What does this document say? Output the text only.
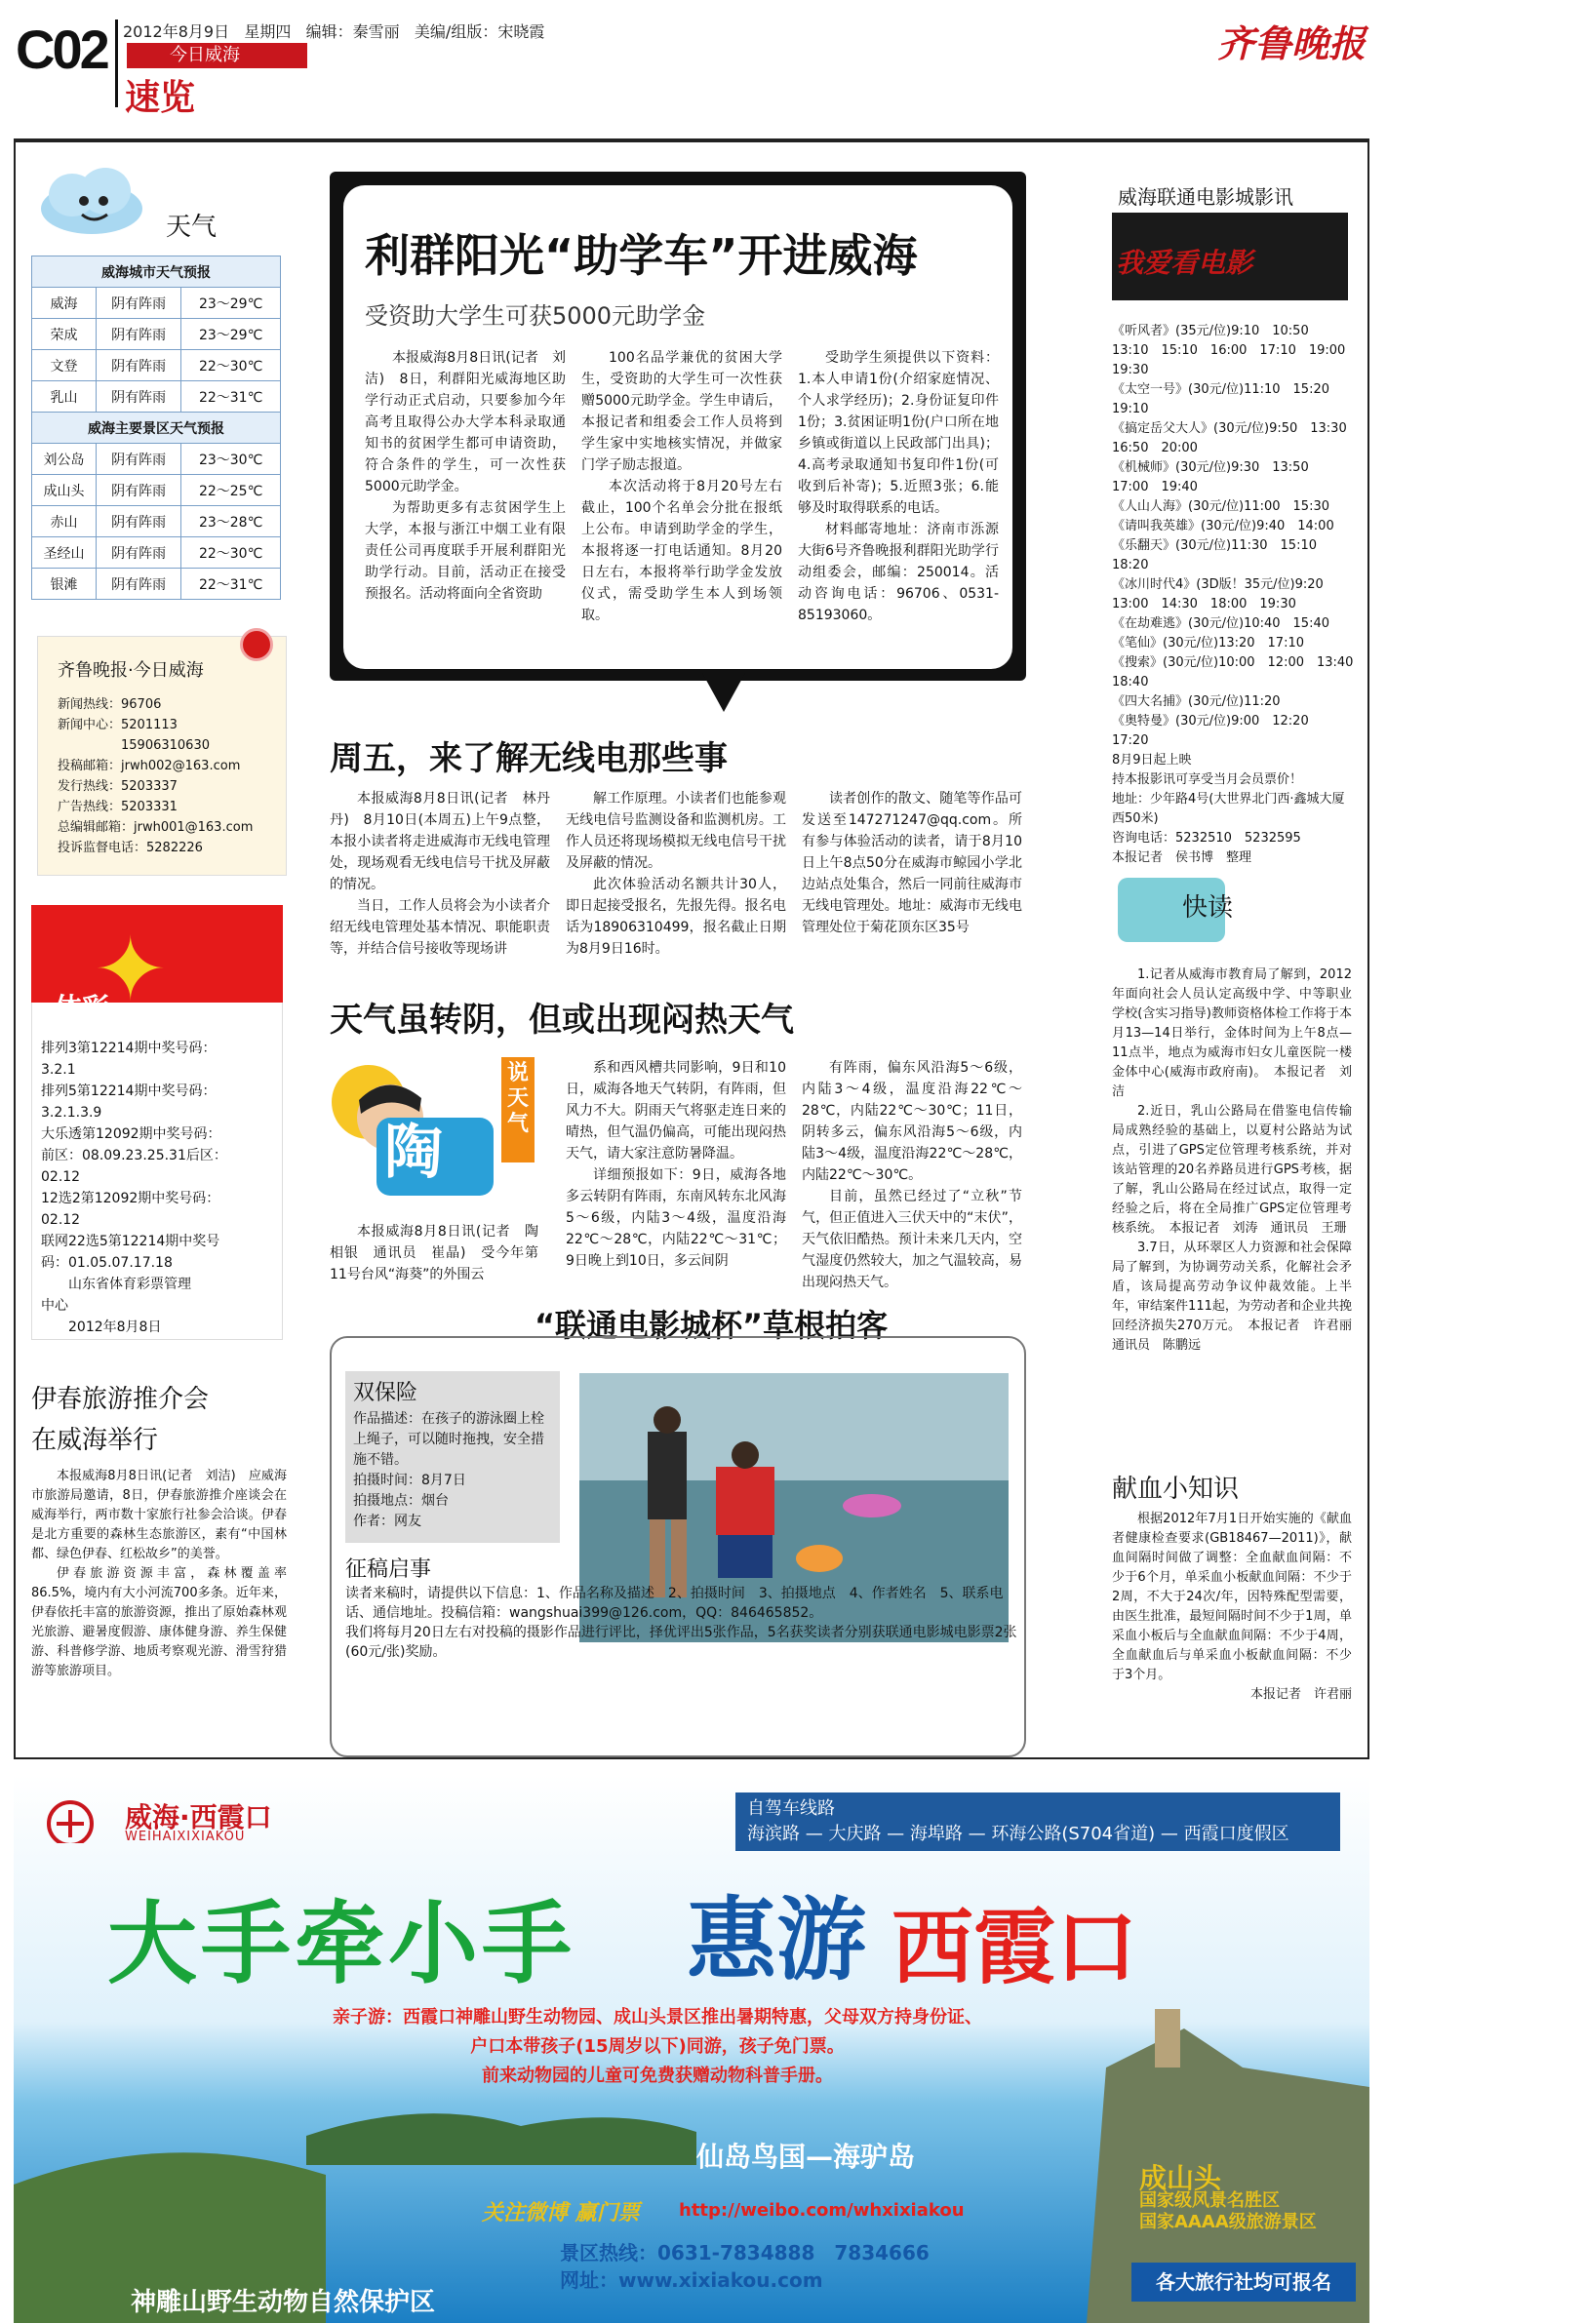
C02 2012年8月9日 星期四 编辑：秦雪丽 美编/组版：宋晓霞
今日威海
速览
齐鲁晚报
天气
威海城市天气预报		
威海	阴有阵雨	23～29℃
荣成	阴有阵雨	23～29℃
文登	阴有阵雨	22～30℃
乳山	阴有阵雨	22～31℃
威海主要景区天气预报		
刘公岛	阴有阵雨	23～30℃
成山头	阴有阵雨	22～25℃
赤山	阴有阵雨	23～28℃
圣经山	阴有阵雨	22～30℃
银滩	阴有阵雨	22～31℃
齐鲁晚报·今日威海
新闻热线：96706
新闻中心：5201113
　　　　　15906310630
投稿邮箱：jrwh002@163.com
发行热线：5203337
广告热线：5203331
总编辑邮箱：jrwh001@163.com
投诉监督电话：5282226
✦
体彩
排列3第12214期中奖号码：
3.2.1
排列5第12214期中奖号码：
3.2.1.3.9
大乐透第12092期中奖号码：
前区：08.09.23.25.31后区：
02.12
12选2第12092期中奖号码：
02.12
联网22选5第12214期中奖号
码：01.05.07.17.18
　　山东省体育彩票管理
中心
　　2012年8月8日
伊春旅游推介会
在威海举行

本报威海8月8日讯(记者　刘洁)　应威海市旅游局邀请，8日，伊春旅游推介座谈会在威海举行，两市数十家旅行社参会洽谈。伊春是北方重要的森林生态旅游区，素有“中国林都、绿色伊春、红松故乡”的美誉。

伊春旅游资源丰富，森林覆盖率86.5%，境内有大小河流700多条。近年来，伊春依托丰富的旅游资源，推出了原始森林观光旅游、避暑度假游、康体健身游、养生保健游、科普修学游、地质考察观光游、滑雪狩猎游等旅游项目。

利群阳光“助学车”开进威海
受资助大学生可获5000元助学金

本报威海8月8日讯(记者　刘洁)　8日，利群阳光威海地区助学行动正式启动，只要参加今年高考且取得公办大学本科录取通知书的贫困学生都可申请资助，符合条件的学生，可一次性获5000元助学金。

为帮助更多有志贫困学生上大学，本报与浙江中烟工业有限责任公司再度联手开展利群阳光助学行动。目前，活动正在接受预报名。活动将面向全省资助

100名品学兼优的贫困大学生，受资助的大学生可一次性获赠5000元助学金。学生申请后，本报记者和组委会工作人员将到学生家中实地核实情况，并做家门学子励志报道。

本次活动将于8月20号左右截止，100个名单会分批在报纸上公布。申请到助学金的学生，本报将逐一打电话通知。8月20日左右，本报将举行助学金发放仪式，需受助学生本人到场领取。

受助学生须提供以下资料：1.本人申请1份(介绍家庭情况、个人求学经历)；2.身份证复印件1份；3.贫困证明1份(户口所在地乡镇或街道以上民政部门出具)；4.高考录取通知书复印件1份(可收到后补寄)；5.近照3张；6.能够及时取得联系的电话。

材料邮寄地址：济南市泺源大街6号齐鲁晚报利群阳光助学行动组委会，邮编：250014。活动咨询电话：96706、0531-85193060。

周五，来了解无线电那些事

本报威海8月8日讯(记者　林丹丹)　8月10日(本周五)上午9点整，本报小读者将走进威海市无线电管理处，现场观看无线电信号干扰及屏蔽的情况。

当日，工作人员将会为小读者介绍无线电管理处基本情况、职能职责等，并结合信号接收等现场讲

解工作原理。小读者们也能参观无线电信号监测设备和监测机房。工作人员还将现场模拟无线电信号干扰及屏蔽的情况。

此次体验活动名额共计30人，即日起接受报名，先报先得。报名电话为18906310499，报名截止日期为8月9日16时。

读者创作的散文、随笔等作品可发送至147271247@qq.com。所有参与体验活动的读者，请于8月10日上午8点50分在威海市鲸园小学北边站点处集合，然后一同前往威海市无线电管理处。地址：威海市无线电管理处位于菊花顶东区35号

天气虽转阴，但或出现闷热天气
陶
说天气

本报威海8月8日讯(记者　陶相银　通讯员　崔晶)　受今年第11号台风“海葵”的外围云

系和西风槽共同影响，9日和10日，威海各地天气转阴，有阵雨，但风力不大。阴雨天气将驱走连日来的晴热，但气温仍偏高，可能出现闷热天气，请大家注意防暑降温。

详细预报如下：9日，威海各地多云转阴有阵雨，东南风转东北风海5～6级，内陆3～4级，温度沿海22℃～28℃，内陆22℃～31℃；9日晚上到10日，多云间阴

有阵雨，偏东风沿海5～6级，内陆3～4级，温度沿海22℃～28℃，内陆22℃～30℃；11日，阴转多云，偏东风沿海5～6级，内陆3～4级，温度沿海22℃～28℃，内陆22℃～30℃。

目前，虽然已经过了“立秋”节气，但正值进入三伏天中的“末伏”，天气依旧酷热。预计未来几天内，空气湿度仍然较大，加之气温较高，易出现闷热天气。

“联通电影城杯”草根拍客
双保险
作品描述：在孩子的游泳圈上栓上绳子，可以随时拖拽，安全措施不错。
拍摄时间：8月7日
拍摄地点：烟台
作者：网友
征稿启事
读者来稿时，请提供以下信息：1、作品名称及描述　2、拍摄时间　3、拍摄地点　4、作者姓名　5、联系电话、通信地址。投稿信箱：wangshuai399@126.com，QQ：846465852。
我们将每月20日左右对投稿的摄影作品进行评比，择优评出5张作品，5名获奖读者分别获联通电影城电影票2张(60元/张)奖励。
威海联通电影城影讯
我爱看电影
《听风者》(35元/位)9:10　10:50　13:10　15:10　16:00　17:10　19:00　19:30
《太空一号》(30元/位)11:10　15:20　19:10
《搞定岳父大人》(30元/位)9:50　13:30　16:50　20:00
《机械师》(30元/位)9:30　13:50　17:00　19:40
《人山人海》(30元/位)11:00　15:30
《请叫我英雄》(30元/位)9:40　14:00
《乐翻天》(30元/位)11:30　15:10　18:20
《冰川时代4》(3D版！35元/位)9:20　13:00　14:30　18:00　19:30
《在劫难逃》(30元/位)10:40　15:40
《笔仙》(30元/位)13:20　17:10
《搜索》(30元/位)10:00　12:00　13:40　18:40
《四大名捕》(30元/位)11:20
《奥特曼》(30元/位)9:00　12:20　17:20
8月9日起上映
持本报影讯可享受当月会员票价！
地址：少年路4号(大世界北门西·鑫城大厦西50米)
咨询电话：5232510　5232595
本报记者　侯书博　整理
快读

1.记者从威海市教育局了解到，2012年面向社会人员认定高级中学、中等职业学校(含实习指导)教师资格体检工作将于本月13—14日举行，金体时间为上午8点—11点半，地点为威海市妇女儿童医院一楼金体中心(威海市政府南)。　本报记者　刘洁

2.近日，乳山公路局在借鉴电信传输局成熟经验的基础上，以夏村公路站为试点，引进了GPS定位管理考核系统，并对该站管理的20名养路员进行GPS考核，据了解，乳山公路局在经过试点，取得一定经验之后，将在全局推广GPS定位管理考核系统。　本报记者　刘涛　通讯员　王珊

3.7日，从环翠区人力资源和社会保障局了解到，为协调劳动关系，化解社会矛盾，该局提高劳动争议仲裁效能。上半年，审结案件111起，为劳动者和企业共挽回经济损失270万元。　本报记者　许君丽　通讯员　陈鹏远

献血小知识

根据2012年7月1日开始实施的《献血者健康检查要求(GB18467—2011)》，献血间隔时间做了调整：全血献血间隔：不少于6个月，单采血小板献血间隔：不少于2周，不大于24次/年，因特殊配型需要，由医生批准，最短间隔时间不少于1周，单采血小板后与全血献血间隔：不少于4周，全血献血后与单采血小板献血间隔：不少于3个月。

本报记者　许君丽

威海·西霞口
WEIHAIXIXIAKOU
自驾车线路
海滨路 — 大庆路 — 海埠路 — 环海公路(S704省道) — 西霞口度假区
大手牵小手 惠游 西霞口
亲子游：西霞口神雕山野生动物园、成山头景区推出暑期特惠，父母双方持身份证、
户口本带孩子(15周岁以下)同游，孩子免门票。
前来动物园的儿童可免费获赠动物科普手册。
仙岛鸟国—海驴岛
关注微博 赢门票 http://weibo.com/whxixiakou
景区热线：0631-7834888　7834666
网址：www.xixiakou.com
神雕山野生动物自然保护区
成山头
国家级风景名胜区
国家AAAA级旅游景区
各大旅行社均可报名
